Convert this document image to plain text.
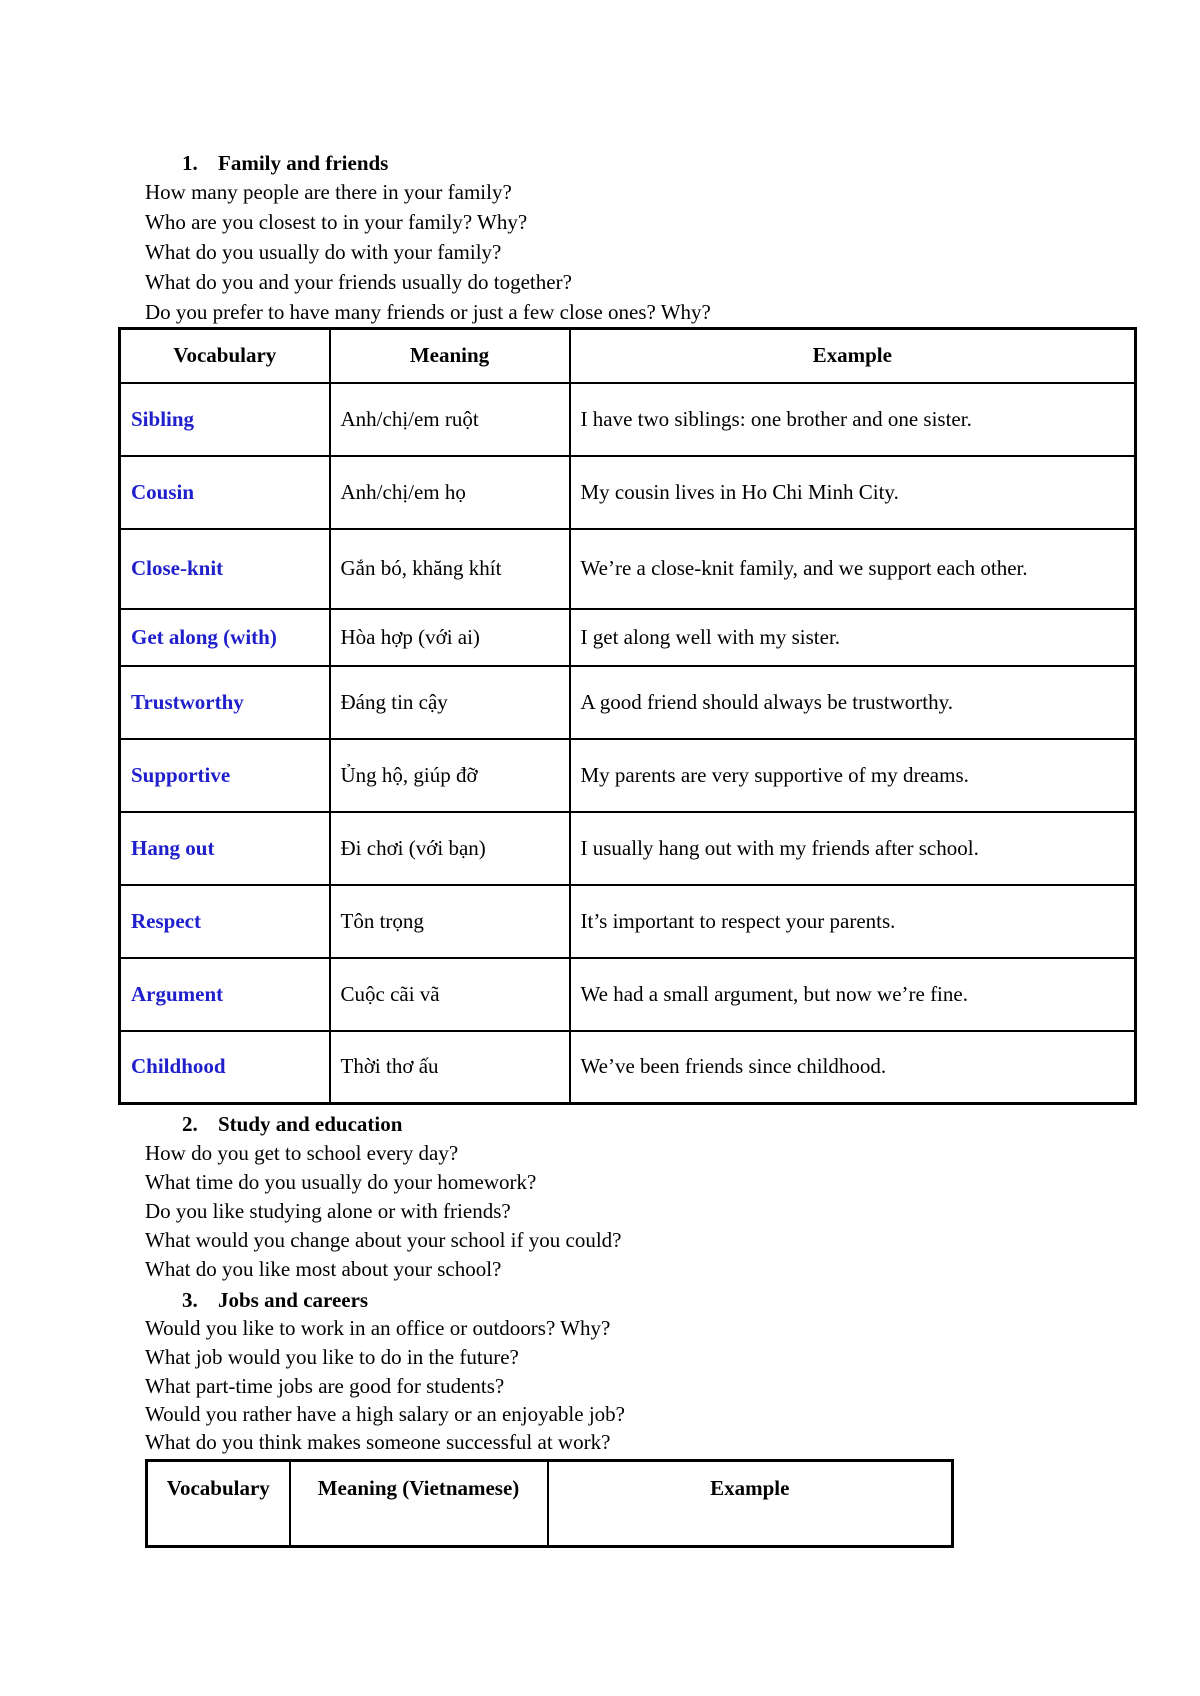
1. Family and friends
How many people are there in your family?
Who are you closest to in your family? Why?
What do you usually do with your family?
What do you and your friends usually do together?
Do you prefer to have many friends or just a few close ones? Why?
Vocabulary	Meaning	Example
Sibling	Anh/chị/em ruột	I have two siblings: one brother and one sister.
Cousin	Anh/chị/em họ	My cousin lives in Ho Chi Minh City.
Close-knit	Gắn bó, khăng khít	We’re a close-knit family, and we support each other.
Get along (with)	Hòa hợp (với ai)	I get along well with my sister.
Trustworthy	Đáng tin cậy	A good friend should always be trustworthy.
Supportive	Ủng hộ, giúp đỡ	My parents are very supportive of my dreams.
Hang out	Đi chơi (với bạn)	I usually hang out with my friends after school.
Respect	Tôn trọng	It’s important to respect your parents.
Argument	Cuộc cãi vã	We had a small argument, but now we’re fine.
Childhood	Thời thơ ấu	We’ve been friends since childhood.
2. Study and education
How do you get to school every day?
What time do you usually do your homework?
Do you like studying alone or with friends?
What would you change about your school if you could?
What do you like most about your school?
3. Jobs and careers
Would you like to work in an office or outdoors? Why?
What job would you like to do in the future?
What part-time jobs are good for students?
Would you rather have a high salary or an enjoyable job?
What do you think makes someone successful at work?
Vocabulary	Meaning (Vietnamese)	Example
